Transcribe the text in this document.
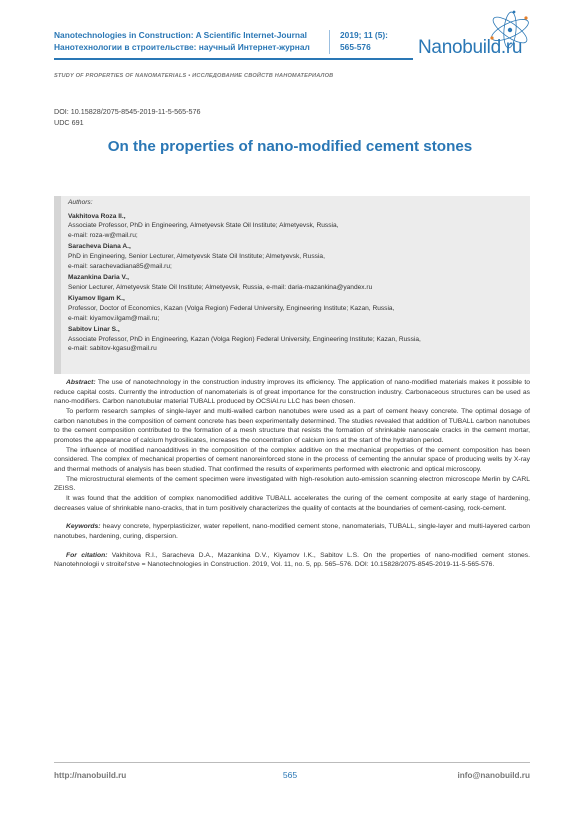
Nanotechnologies in Construction: A Scientific Internet-Journal
Нанотехнологии в строительстве: научный Интернет-журнал
2019; 11 (5):
565-576	Nanobuild.ru
STUDY OF PROPERTIES OF NANOMATERIALS • ИССЛЕДОВАНИЕ СВОЙСТВ НАНОМАТЕРИАЛОВ
DOI: 10.15828/2075-8545-2019-11-5-565-576
UDC 691
On the properties of nano-modified cement stones
Authors:
Vakhitova Roza Il.,
Associate Professor, PhD in Engineering, Almetyevsk State Oil Institute; Almetyevsk, Russia,
e-mail: roza-w@mail.ru;
Saracheva Diana A.,
PhD in Engineering, Senior Lecturer, Almetyevsk State Oil Institute; Almetyevsk, Russia,
e-mail: sarachevadiana85@mail.ru;
Mazankina Daria V.,
Senior Lecturer, Almetyevsk State Oil Institute; Almetyevsk, Russia, e-mail: daria-mazankina@yandex.ru
Kiyamov Ilgam K.,
Professor, Doctor of Economics, Kazan (Volga Region) Federal University, Engineering Institute; Kazan, Russia,
e-mail: kiyamov.ilgam@mail.ru;
Sabitov Linar S.,
Associate Professor, PhD in Engineering, Kazan (Volga Region) Federal University, Engineering Institute; Kazan, Russia,
e-mail: sabitov-kgasu@mail.ru

Abstract: The use of nanotechnology in the construction industry improves its efficiency. The application of nano-modified materials makes it possible to reduce capital costs. Currently the introduction of nanomaterials is of great importance for the construction industry. Carbonaceous structures can be used as nano-modifiers. Carbon nanotubular material TUBALL produced by OCSiAl.ru LLC has been chosen.

To perform research samples of single-layer and multi-walled carbon nanotubes were used as a part of cement heavy concrete. The optimal dosage of carbon nanotubes in the composition of cement concrete has been experimentally determined. The studies revealed that addition of TUBALL carbon nanotubes to the cement composition contributed to the formation of a mesh structure that resists the formation of shrinkable nanoscale cracks in the cement mortar, promotes the appearance of calcium hydrosilicates, increases the concentration of calcium ions at the start of the hydration period.

The influence of modified nanoadditives in the composition of the complex additive on the mechanical properties of the cement composition has been considered. The complex of mechanical properties of cement nanoreinforced stone in the process of cementing the annular space of producing wells by X-ray and thermal methods of analysis has been studied. That confirmed the results of experiments performed with electronic and optical microscopy.

The microstructural elements of the cement specimen were investigated with high-resolution auto-emission scanning electron microscope Merlin by CARL ZEISS.

It was found that the addition of complex nanomodified additive TUBALL accelerates the curing of the cement composite at early stage of hardening, decreases value of shrinkable nano-cracks, that in turn positively characterizes the quality of contacts at the boundaries of cement-casing, rock-cement.

Keywords: heavy concrete, hyperplasticizer, water repellent, nano-modified cement stone, nanomaterials, TUBALL, single-layer and multi-layered carbon nanotubes, hardening, curing, dispersion.

For citation: Vakhitova R.I., Saracheva D.A., Mazankina D.V., Kiyamov I.K., Sabitov L.S. On the properties of nano-modified cement stones. Nanotehnologii v stroitel'stve = Nanotechnologies in Construction. 2019, Vol. 11, no. 5, pp. 565–576. DOI: 10.15828/2075-8545-2019-11-5-565-576.

http://nanobuild.ru	565	info@nanobuild.ru
